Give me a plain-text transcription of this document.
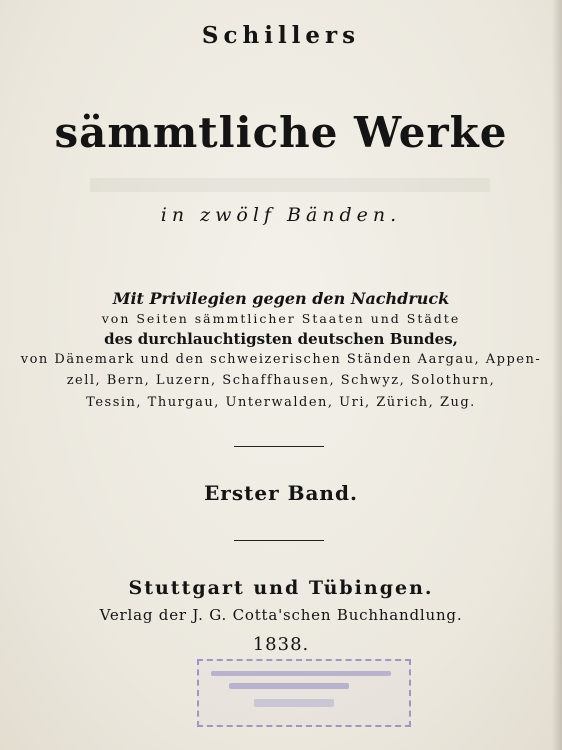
Schillers
sämmtliche Werke
in zwölf Bänden.
Mit Privilegien gegen den Nachdruck
von Seiten sämmtlicher Staaten und Städte
des durchlauchtigsten deutschen Bundes,
von Dänemark und den schweizerischen Ständen Aargau, Appen-
zell, Bern, Luzern, Schaffhausen, Schwyz, Solothurn,
Tessin, Thurgau, Unterwalden, Uri, Zürich, Zug.
Erster Band.
Stuttgart und Tübingen.
Verlag der J. G. Cotta'schen Buchhandlung.
1838.
